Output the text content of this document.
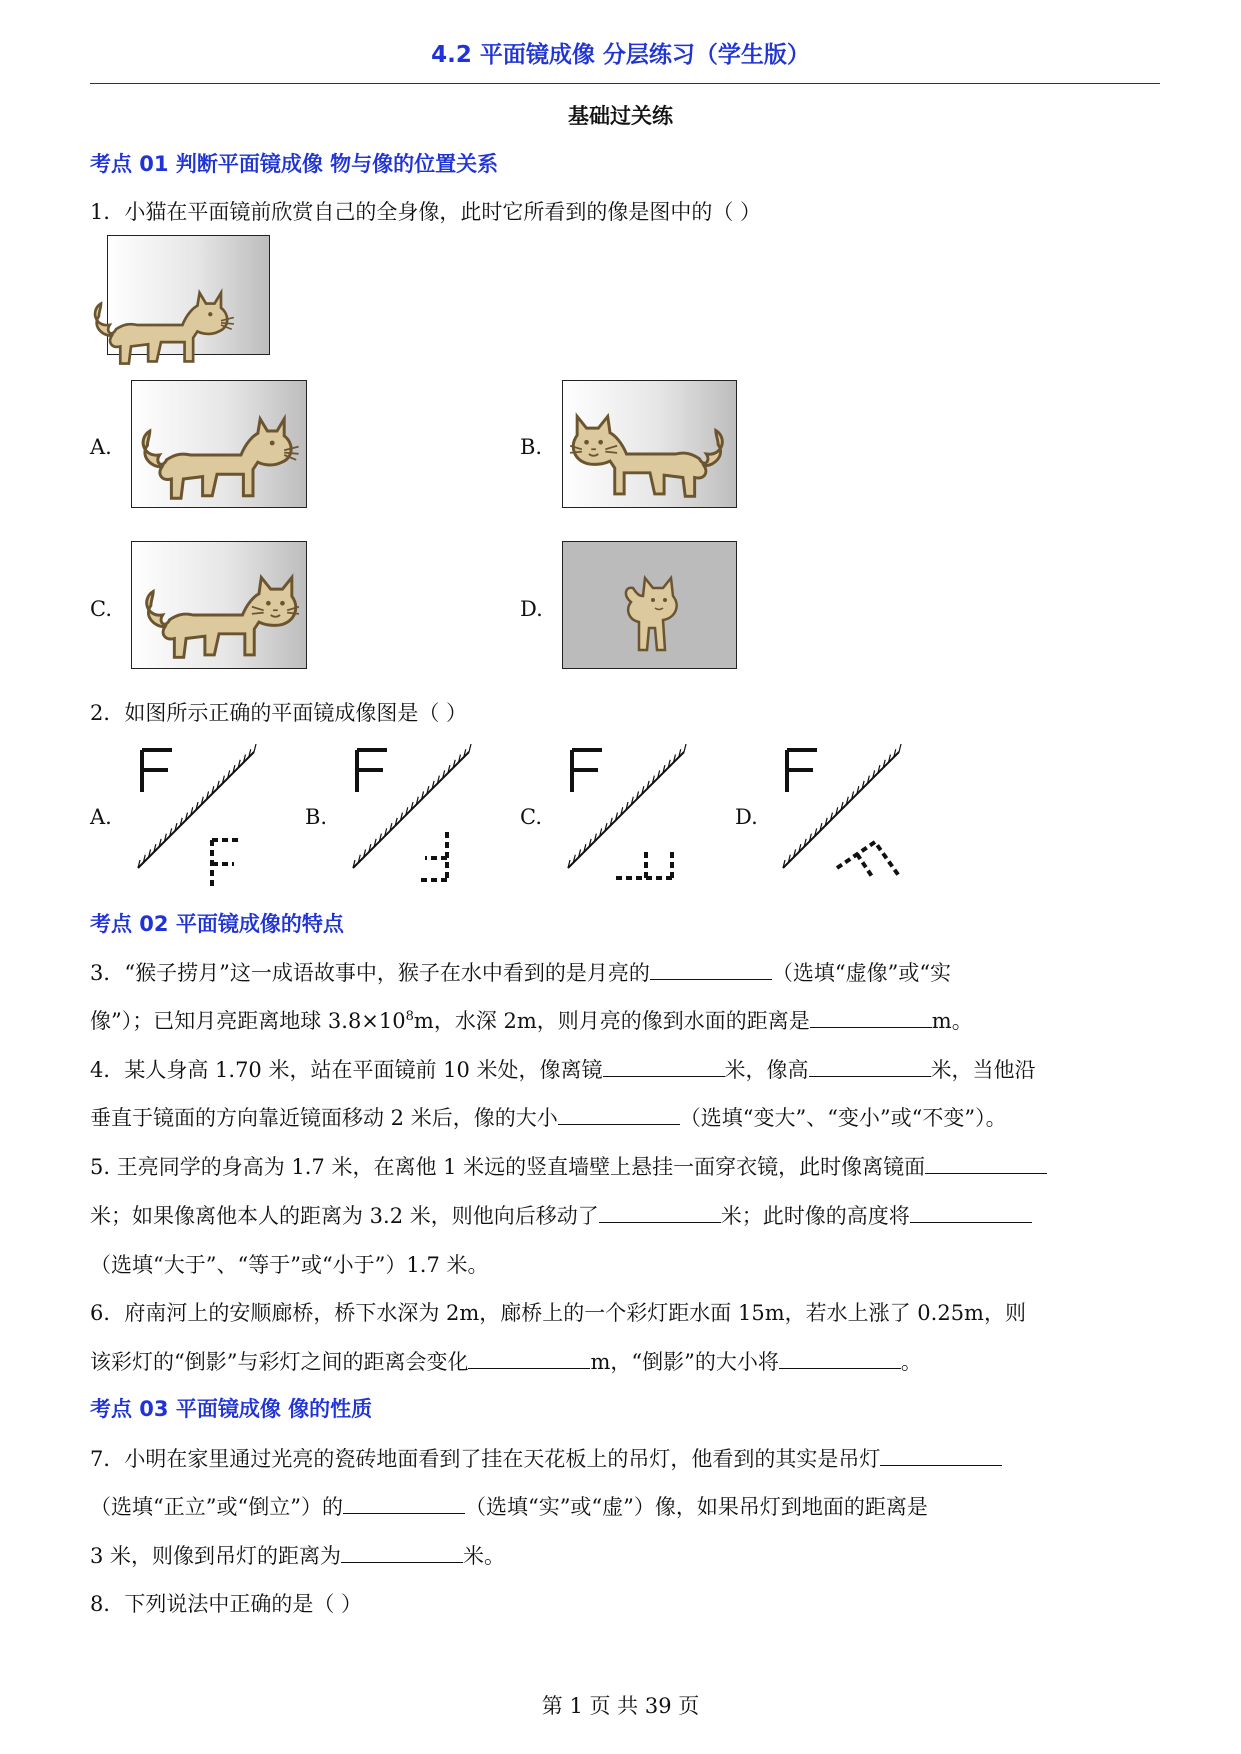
4.2 平面镜成像 分层练习（学生版）
基础过关练
考点 01 判断平面镜成像 物与像的位置关系
1．小猫在平面镜前欣赏自己的全身像，此时它所看到的像是图中的（ ）
A.	B.
C.	D.
2．如图所示正确的平面镜成像图是（ ）
A.	B.	C.	D.
考点 02 平面镜成像的特点
3．“猴子捞月”这一成语故事中，猴子在水中看到的是月亮的	（选填“虚像”或“实
像”）；已知月亮距离地球 $3.8\times 10^8m$，水深 2m，则月亮的像到水面的距离是	m。
4．某人身高 1.70 米，站在平面镜前 10 米处，像离镜	米，像高	米，当他沿
垂直于镜面的方向靠近镜面移动 2 米后，像的大小	（选填“变大”、“变小”或“不变”）。
5. 王亮同学的身高为 1.7 米，在离他 1 米远的竖直墙壁上悬挂一面穿衣镜，此时像离镜面
米；如果像离他本人的距离为 3.2 米，则他向后移动了	米；此时像的高度将
（选填“大于”、“等于”或“小于”）1.7 米。
6．府南河上的安顺廊桥，桥下水深为 2m，廊桥上的一个彩灯距水面 15m，若水上涨了 0.25m，则
该彩灯的“倒影”与彩灯之间的距离会变化	m，“倒影”的大小将	。
考点 03 平面镜成像 像的性质
7．小明在家里通过光亮的瓷砖地面看到了挂在天花板上的吊灯，他看到的其实是吊灯
（选填“正立”或“倒立”）的	（选填“实”或“虚”）像，如果吊灯到地面的距离是
3 米，则像到吊灯的距离为	米。
8．下列说法中正确的是（ ）
第 1 页 共 39 页
